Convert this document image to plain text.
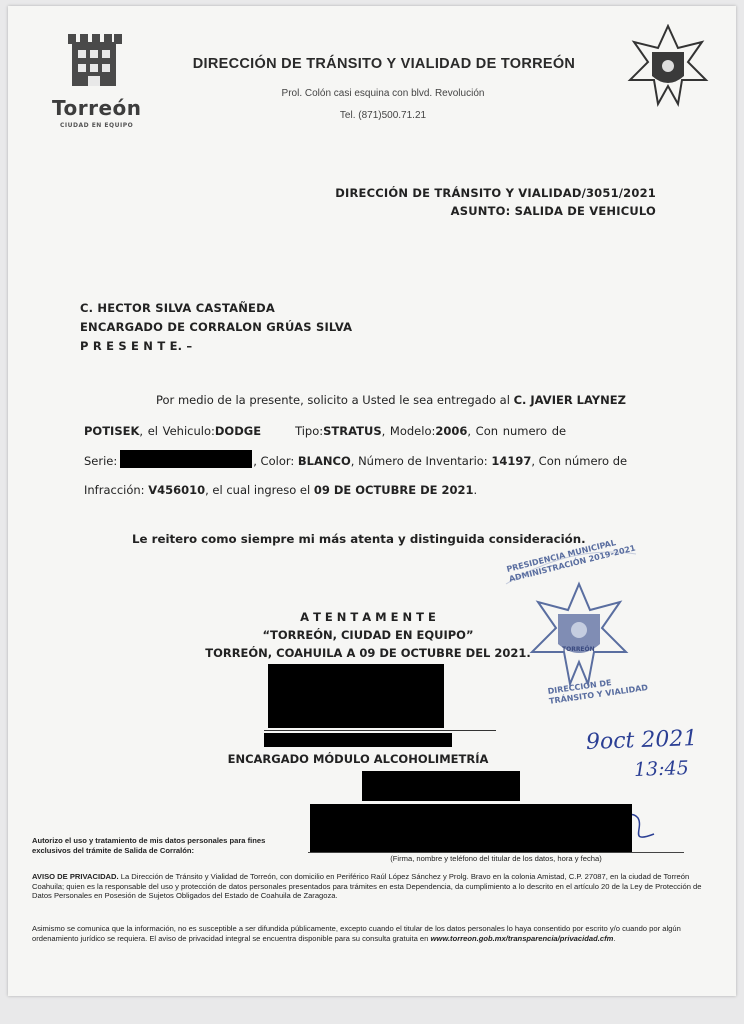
Torreón
CIUDAD EN EQUIPO
DIRECCIÓN DE TRÁNSITO Y VIALIDAD DE TORREÓN
Prol. Colón casi esquina con blvd. Revolución
Tel. (871)500.71.21
DIRECCIÓN DE TRÁNSITO Y VIALIDAD/3051/2021
ASUNTO: SALIDA DE VEHICULO
C. HECTOR SILVA CASTAÑEDA
ENCARGADO DE CORRALON GRÚAS SILVA
P R E S E N T E. –
Por medio de la presente, solicito a Usted le sea entregado al C. JAVIER LAYNEZ
POTISEK, el Vehiculo:DODGE	Tipo:STRATUS, Modelo:2006, Con numero de
Serie:	, Color: BLANCO, Número de Inventario: 14197, Con número de
Infracción: V456010, el cual ingreso el 09 DE OCTUBRE DE 2021.
Le reitero como siempre mi más atenta y distinguida consideración.
PRESIDENCIA MUNICIPAL ADMINISTRACIÓN 2019-2021
TORREÓN
DIRECCIÓN DE TRÁNSITO Y VIALIDAD
A T E N T A M E N T E
“TORREÓN, CIUDAD EN EQUIPO”
TORREÓN, COAHUILA A 09 DE OCTUBRE DEL 2021.
ENCARGADO MÓDULO ALCOHOLIMETRÍA
9oct 2021
13:45
Autorizo el uso y tratamiento de mis datos personales para fines exclusivos del trámite de Salida de Corralón:
(Firma, nombre y teléfono del titular de los datos, hora y fecha)
AVISO DE PRIVACIDAD. La Dirección de Tránsito y Vialidad de Torreón, con domicilio en Periférico Raúl López Sánchez y Prolg. Bravo en la colonia Amistad, C.P. 27087, en la ciudad de Torreón Coahuila; quien es la responsable del uso y protección de datos personales presentados para trámites en esta Dependencia, da cumplimiento a lo descrito en el artículo 20 de la Ley de Protección de Datos Personales en Posesión de Sujetos Obligados del Estado de Coahuila de Zaragoza.
Asimismo se comunica que la información, no es susceptible a ser difundida públicamente, excepto cuando el titular de los datos personales lo haya consentido por escrito y/o cuando por algún ordenamiento jurídico se requiera. El aviso de privacidad integral se encuentra disponible para su consulta gratuita en www.torreon.gob.mx/transparencia/privacidad.cfm.
